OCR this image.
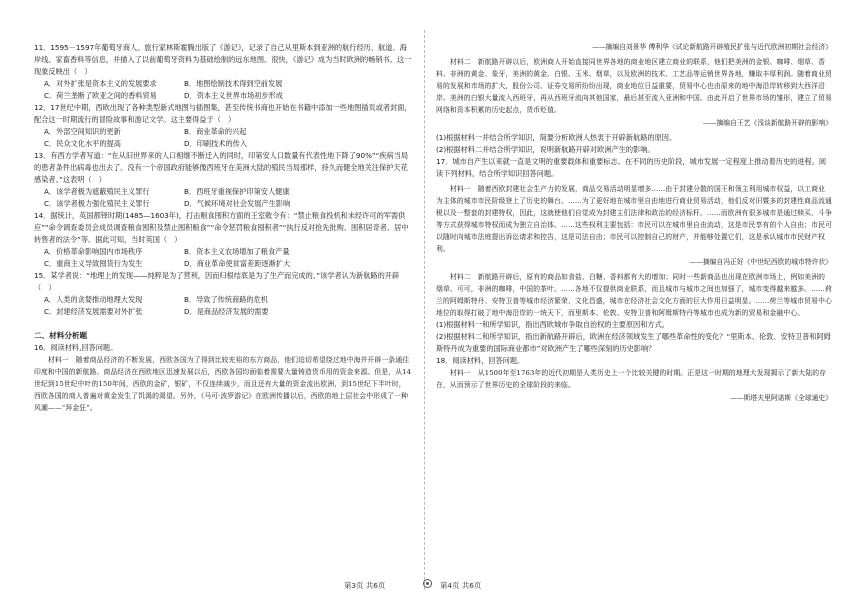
11．1595－1597年葡萄牙商人、旅行家林斯霍腾出版了《游记》，记录了自己从里斯本到亚洲的航行经历、航道、海岸线、家畜香料等信息，并描入了以前葡萄牙资料为基础绘制的远东地图。很快，《游记》成为当时欧洲的畅销书。这一现象反映出（　）

A．对外扩张是资本主义的发展要求	B．地图绘制技术得到空前发展
C．荷兰垄断了欧亚之间的香料贸易	D．资本主义世界市场初步形成

12．17世纪中期，西欧出现了各种类型新式地图与插图集，甚至传统书商也开始在书籍中添加一些地图插页或者封面，配合这一时期流行的冒险故事和游记文学。这主要得益于（　）

A．外部空间知识的更新	B．商业革命的兴起
C．民众文化水平的提高	D．印刷技术的传入

13．有西方学者写道：“在从旧世界来的人口相继不断迁入的同时，印第安人口数量有代表性地下降了90%”“疾病当局的患者条件出病毒也出去了。没有一个帝国政府能够像西班牙在美洲大陆的殖民当局那样，持久而健全地关注保护天花感染者。”这表明（　）

A．该学者极为遮蔽殖民主义罪行	B．西班牙重视保护印第安人健康
C．该学者极力强化殖民主义罪行	D．气候环境对社会发展产生影响

14．据统计，英国都铎时期(1485—1603年)，打击粮食囤积方面的王室敕令有：“禁止粮食投机和未经许可的军需供应”“命令调查委员会成员调查粮食囤积及禁止囤积粮食”“命令惩罚粮食囤积者”“执行反对抢先批购、囤积居奇者、居中转售者的法令”等。据此可知，当时英国（　）

A．价格革命影响国内市场秩序	B．资本主义农场增加了粮食产量
C．重商主义导致囤货行为发生	D．商业革命使贫富差距逐渐扩大

15．某学者说：“地理上的发现——纯粹是为了营利，因而归根结底是为了生产而完成的。”该学者认为新航路的开辟（　）

A．人类的贪婪推动地理大发现	B．导致了传统商路的危机
C．封建经济发展需要对外扩张	D．是商品经济发展的需要
二、材料分析题

16．阅读材料,回答问题。

材料一　随着商品经济的不断发展，西欧各国为了得到比较充裕的东方商品，他们迫切希望绕过地中海并开辟一条通往印度和中国的新航路。商品经济在西欧地区迅速发展以后，西欧各国均面临着需要大量铸造货币用的资金来源。但是，从14世纪到15世纪中叶的150年间，西欧的金矿，银矿，不仅连续减少，而且还有大量的资金流出欧洲，到15世纪下半叶时，西欧各国的商人普遍对黄金发生了饥渴的渴望。另外，《马可·波罗游记》在欧洲传播以后，西欧的地上层社会中形成了一种风潮——“拜金狂”。

——摘编自刘景华 傅利华《试论新航路开辟殖民扩张与近代欧洲初期社会经济》

材料二　新航路开辟以后，欧洲商人开始直接同世界各地的商业地区建立商业的联系，他们把美洲的金银、咖啡、烟草、香料、非洲的黄金、象牙，美洲的黄金、白银、玉米、烟草，以及欧洲的技术、工艺品等运销世界各地，赚取丰厚利润。随着商业贸易的发展和市场的扩大，股份公司、证券交易所纷纷出现，商业地位日益重要，贸易中心也由原来的地中海沿岸转移到大西洋沿岸。美洲的白银大量流入西班牙，再从西班牙流向其他国家，最后甚至流入亚洲和中国。由此开启了世界市场的雏形，建立了贸易网络和资本积累的历史起点，货币贬值。

——摘编自王艺《浅谈新航路开辟的影响》

(1)根据材料一并结合所学知识，简要分析欧洲人热衷于开辟新航路的原因。

(2)根据材料二并结合所学知识，说明新航路开辟对欧洲产生的影响。

17．城市自产生以来就一直是文明的重要载体和重要标志。在不同的历史阶段，城市发展一定程度上推动着历史的进程。阅读下列材料，结合所学知识回答问题。

材料一　随着西欧封建社会生产力的发展，商品交易活动明显增多……由于封建分散的国王和领主利用城市权益，以工商业为主体的城市市民阶级登上了历史的舞台。……为了更好地在城市里自由地进行商业贸易活动，他们反对旧暨多的封建性商品流通税以及一整套的封建特权，因此，这就使他们自觉成为封建主们法律和政治的经济标杆。……而欧洲有很多城市是通过赎买、斗争等方式获得城市特权而成为独立自治体。……这些权利主要包括：市民可以在城市里自由流动，这是市民享有的个人自由；市民可以随时向城市法庭提出诉讼请求和控告，这是司法自由；市民可以控制自己的财产，并能够处置它们，这是承认城市市民财产权利。

——摘编自冯正好《中世纪西欧的城市特许状》

材料二　新航路开辟后，原有的商品如食盐、白糖、香料都有大的增加；同时一些新商品也出现在欧洲市场上，例如美洲的烟草、可可，非洲的咖啡，中国的茶叶。……各地不仅提供商业联系，而且城市与城市之间也加强了，城市变得越来越多。……荷兰的阿姆斯特丹、安特卫普等城市经济繁荣、文化昌盛，城市在经济社会文化方面的巨大作用日益明显。……荷兰等城市贸易中心地位的取得打破了地中海沿岸的一统天下，而里斯本、伦敦、安特卫普和阿姆斯特丹等城市也成为新的贸易和金融中心。

(1)根据材料一和所学知识，指出西欧城市争取自治权的主要原因和方式。

(2)根据材料二和所学知识，指出新航路开辟后，欧洲在经济领域发生了哪些革命性的变化？“里斯本、伦敦、安特卫普和阿姆斯特丹成为重要的国际商业都市”对欧洲产生了哪些深刻的历史影响？

18．阅读材料，回答问题。

材料一　从1500年至1763年的近代初期是人类历史上一个比较关键的时期。正是这一时期的地理大发现揭示了新大陆的存在，从而预示了世界历史的全球阶段的来临。

——斯塔夫里阿诺斯《全球通史》
第3页 共6页	第4页 共6页
